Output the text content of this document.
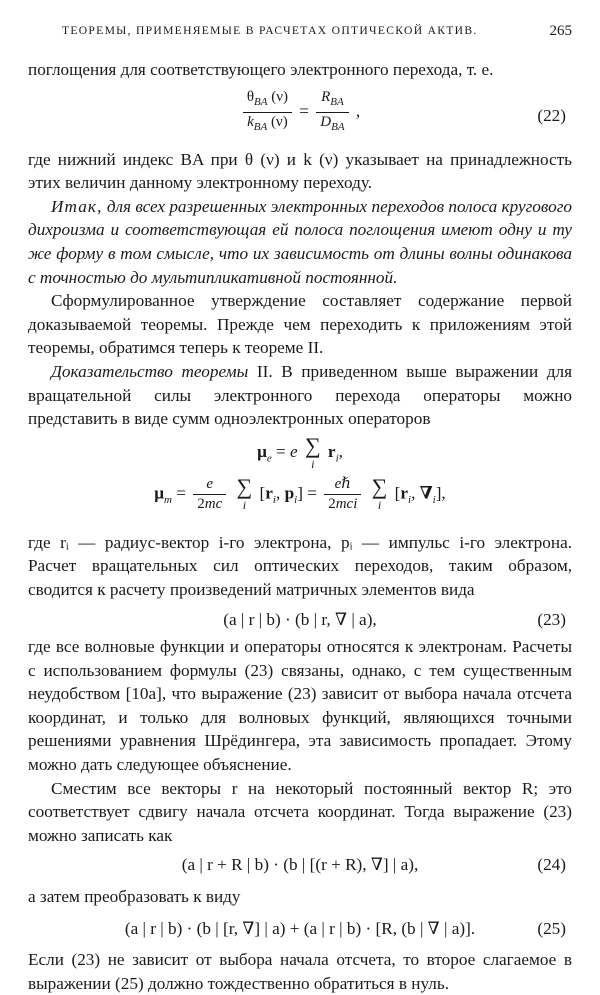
ТЕОРЕМЫ, ПРИМЕНЯЕМЫЕ В РАСЧЕТАХ ОПТИЧЕСКОЙ АКТИВ.	265

поглощения для соответствующего электронного перехода, т. е.

$\frac{\theta_{BA} (\nu)}{k_{BA} (\nu)} = \frac{R_{BA}}{D_{BA}}$ ,	(22)

где нижний индекс BA при θ (ν) и k (ν) указывает на принадлежность этих величин данному электронному переходу.

Итак, для всех разрешенных электронных переходов полоса кругового дихроизма и соответствующая ей полоса поглощения имеют одну и ту же форму в том смысле, что их зависимость от длины волны одинакова с точностью до мультипликативной постоянной.

Сформулированное утверждение составляет содержание первой доказываемой теоремы. Прежде чем переходить к приложениям этой теоремы, обратимся теперь к теореме II.

Доказательство теоремы II. В приведенном выше выражении для вращательной силы электронного перехода операторы можно представить в виде сумм одноэлектронных операторов

$\mu_e = e$ ∑
i
$r_i$,
$\mu_m = \frac{e}{2mc}$
∑
i
[$r_i$, $p_i] = \frac{\text{eℏ}}{\text{2mci}}$
∑
i
[$r_i$, $\nabla_i$],

где rᵢ — радиус-вектор i-го электрона, pᵢ — импульс i-го электрона. Расчет вращательных сил оптических переходов, таким образом, сводится к расчету произведений матричных элементов вида

(a | r | b) · (b | r, ∇ | a),	(23)

где все волновые функции и операторы относятся к электронам. Расчеты с использованием формулы (23) связаны, однако, с тем существенным неудобством [10a], что выражение (23) зависит от выбора начала отсчета координат, и только для волновых функций, являющихся точными решениями уравнения Шрёдингера, эта зависимость пропадает. Этому можно дать следующее объяснение.

Сместим все векторы r на некоторый постоянный вектор R; это соответствует сдвигу начала отсчета координат. Тогда выражение (23) можно записать как

(a | r + R | b) · (b | [(r + R), ∇] | a),	(24)

а затем преобразовать к виду

(a | r | b) · (b | [r, ∇] | a) + (a | r | b) · [R, (b | ∇ | a)].	(25)

Если (23) не зависит от выбора начала отсчета, то второе слагаемое в выражении (25) должно тождественно обратиться в нуль.
